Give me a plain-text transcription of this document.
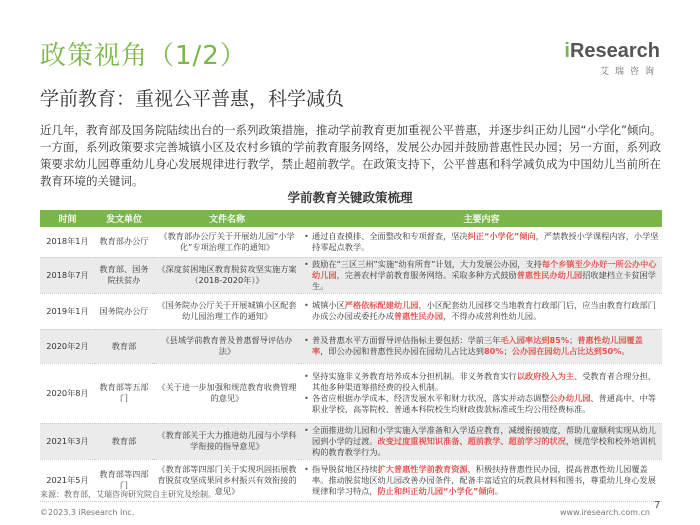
政策视角（1/2）	iResearch
艾瑞咨询
学前教育：重视公平普惠，科学减负
近几年，教育部及国务院陆续出台的一系列政策措施，推动学前教育更加重视公平普惠，并逐步纠正幼儿园“小学化”倾向。一方面，系列政策要求完善城镇小区及农村乡镇的学前教育服务网络，发展公办园并鼓励普惠性民办园；另一方面，系列政策要求幼儿园尊重幼儿身心发展规律进行教学，禁止超前教学。在政策支持下，公平普惠和科学减负成为中国幼儿当前所在教育环境的关键词。
学前教育关键政策梳理
时间	发文单位	文件名称	主要内容
2018年1月	教育部办公厅	《教育部办公厅关于开展幼儿园“小学化”专项治理工作的通知》	• 通过自查摸排、全面整改和专项督查，坚决纠正“小学化”倾向，严禁教授小学课程内容，小学坚持零起点教学。

2018年7月	教育部、国务院扶贫办	《深度贫困地区教育脱贫攻坚实施方案（2018-2020年）》	• 鼓励在“三区三州”实施“幼有所育”计划，大力发展公办园，支持每个乡镇至少办好一所公办中心幼儿园，完善农村学前教育服务网络。采取多种方式鼓励普惠性民办幼儿园招收建档立卡贫困学生。

2019年1月	国务院办公厅	《国务院办公厅关于开展城镇小区配套幼儿园治理工作的通知》	• 城镇小区严格依标配建幼儿园，小区配套幼儿园移交当地教育行政部门后，应当由教育行政部门办成公办园或委托办成普惠性民办园，不得办成营利性幼儿园。

2020年2月	教育部	《县域学前教育普及普惠督导评估办法》	• 普及普惠水平方面督导评估指标主要包括：学前三年毛入园率达到85%；普惠性幼儿园覆盖率，即公办园和普惠性民办园在园幼儿占比达到80%；公办园在园幼儿占比达到50%。

2020年8月	教育部等五部门	《关于进一步加强和规范教育收费管理的意见》	• 坚持实施非义务教育培养成本分担机制。非义务教育实行以政府投入为主、受教育者合理分担、其他多种渠道筹措经费的投入机制。
• 各省应根据办学成本、经济发展水平和财力状况，落实并动态调整公办幼儿园、普通高中、中等职业学校、高等院校、普通本科院校生均财政拨款标准或生均公用经费标准。

2021年3月	教育部	《教育部关于大力推进幼儿园与小学科学衔接的指导意见》	• 全面推进幼儿园和小学实施入学准备和入学适应教育，减缓衔接坡度，帮助儿童顺利实现从幼儿园到小学的过渡。改变过度重视知识准备、超前教学、超前学习的状况，规范学校和校外培训机构的教育教学行为。

2021年5月	教育部等四部门	《教育部等四部门关于实现巩固拓展教育脱贫攻坚成果同乡村振兴有效衔接的意见》	• 指导脱贫地区持续扩大普惠性学前教育资源，积极扶持普惠性民办园，提高普惠性幼儿园覆盖率。推动脱贫地区幼儿园改善办园条件，配备丰富适宜的玩教具材料和图书，尊重幼儿身心发展规律和学习特点，防止和纠正幼儿园“小学化”倾向。
来源：教育部，艾瑞咨询研究院自主研究及绘制。
©2023.3 iResearch Inc.	www.iresearch.com.cn
7
